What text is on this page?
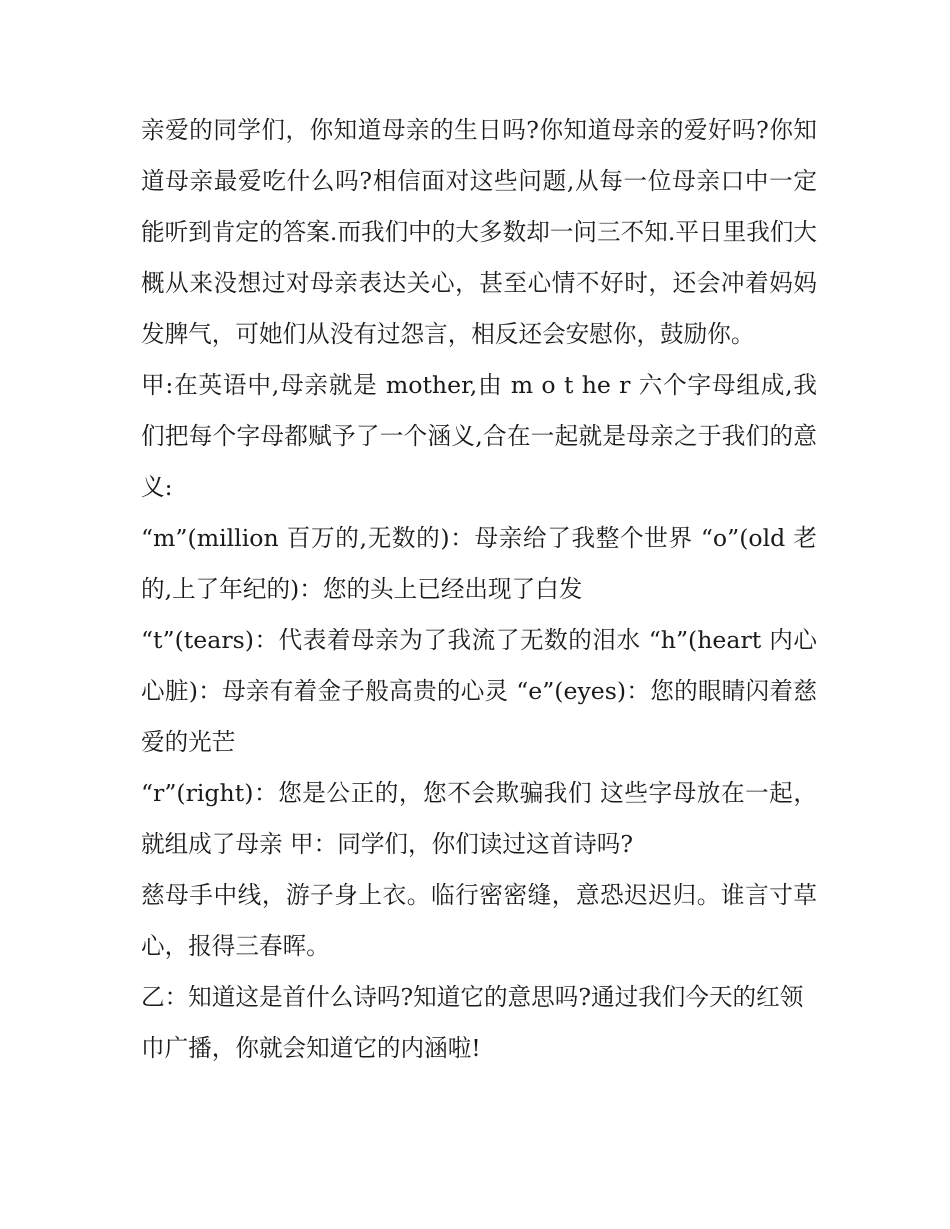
亲爱的同学们，你知道母亲的生日吗?你知道母亲的爱好吗?你知道母亲最爱吃什么吗?相信面对这些问题,从每一位母亲口中一定能听到肯定的答案.而我们中的大多数却一问三不知.平日里我们大概从来没想过对母亲表达关心，甚至心情不好时，还会冲着妈妈发脾气，可她们从没有过怨言，相反还会安慰你，鼓励你。

甲:在英语中,母亲就是 mother,由 m o t he r 六个字母组成,我们把每个字母都赋予了一个涵义,合在一起就是母亲之于我们的意义:

“m”(million 百万的,无数的)：母亲给了我整个世界 “o”(old 老的,上了年纪的)：您的头上已经出现了白发

“t”(tears)：代表着母亲为了我流了无数的泪水 “h”(heart 内心心脏)：母亲有着金子般高贵的心灵 “e”(eyes)：您的眼睛闪着慈爱的光芒

“r”(right)：您是公正的，您不会欺骗我们 这些字母放在一起，就组成了母亲 甲：同学们，你们读过这首诗吗?

慈母手中线，游子身上衣。临行密密缝，意恐迟迟归。谁言寸草心，报得三春晖。

乙：知道这是首什么诗吗?知道它的意思吗?通过我们今天的红领巾广播，你就会知道它的内涵啦!
